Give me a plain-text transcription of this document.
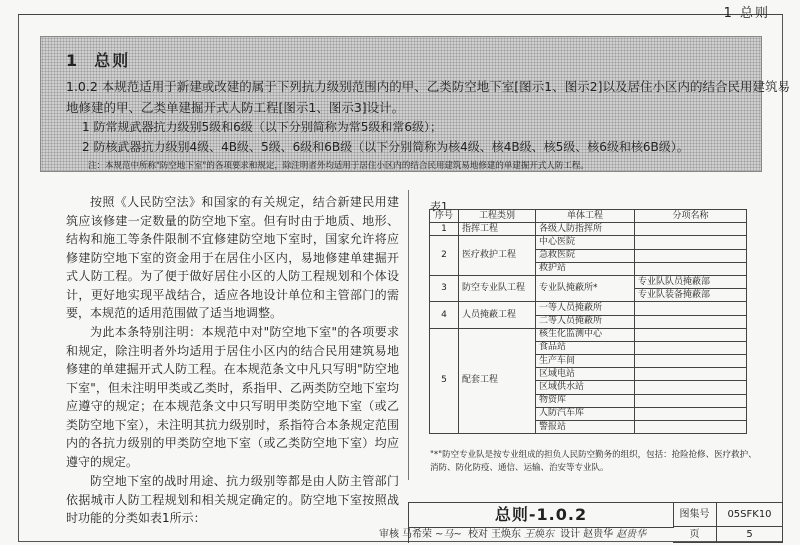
1 总则
1 总则
1.0.2 本规范适用于新建或改建的属于下列抗力级别范围内的甲、乙类防空地下室[图示1、图示2]以及居住小区内的结合民用建筑易
地修建的甲、乙类单建掘开式人防工程[图示1、图示3]设计。
1 防常规武器抗力级别5级和6级（以下分别简称为常5级和常6级）；
2 防核武器抗力级别4级、4B级、5级、6级和6B级（以下分别简称为核4级、核4B级、核5级、核6级和核6B级）。
注：本规范中所称"防空地下室"的各项要求和规定，除注明者外均适用于居住小区内的结合民用建筑易地修建的单建掘开式人防工程。

按照《人民防空法》和国家的有关规定，结合新建民用建筑应该修建一定数量的防空地下室。但有时由于地质、地形、结构和施工等条件限制不宜修建防空地下室时，国家允许将应修建防空地下室的资金用于在居住小区内，易地修建单建掘开式人防工程。为了便于做好居住小区的人防工程规划和个体设计，更好地实现平战结合，适应各地设计单位和主管部门的需要，本规范的适用范围做了适当地调整。

为此本条特别注明：本规范中对"防空地下室"的各项要求和规定，除注明者外均适用于居住小区内的结合民用建筑易地修建的单建掘开式人防工程。在本规范条文中凡只写明"防空地下室"，但未注明甲类或乙类时，系指甲、乙两类防空地下室均应遵守的规定；在本规范条文中只写明甲类防空地下室（或乙类防空地下室），未注明其抗力级别时，系指符合本条规定范围内的各抗力级别的甲类防空地下室（或乙类防空地下室）均应遵守的规定。

防空地下室的战时用途、抗力级别等都是由人防主管部门依据城市人防工程规划和相关规定确定的。防空地下室按照战时功能的分类如表1所示：

表1
序号	工程类别	单体工程	分项名称
1	指挥工程	各级人防指挥所	
2	医疗救护工程	中心医院	
		急救医院	
		救护站	
3	防空专业队工程	专业队掩蔽所*	专业队队员掩蔽部
			专业队装备掩蔽部
4	人员掩蔽工程	一等人员掩蔽所	
		二等人员掩蔽所	
5	配套工程	核生化监测中心	
		食品站	
		生产车间	
		区域电站	
		区域供水站	
		物资库	
		人防汽车库	
		警报站	
"*"防空专业队是按专业组成的担负人民防空勤务的组织，包括：抢险抢修、医疗救护、消防、防化防疫、通信、运输、治安等专业队。
总则-1.0.2	图集号	05SFK10
页	5
审核 马希荣 ~马~ 校对 王焕东 王焕东 设计 赵贵华 赵贵华
